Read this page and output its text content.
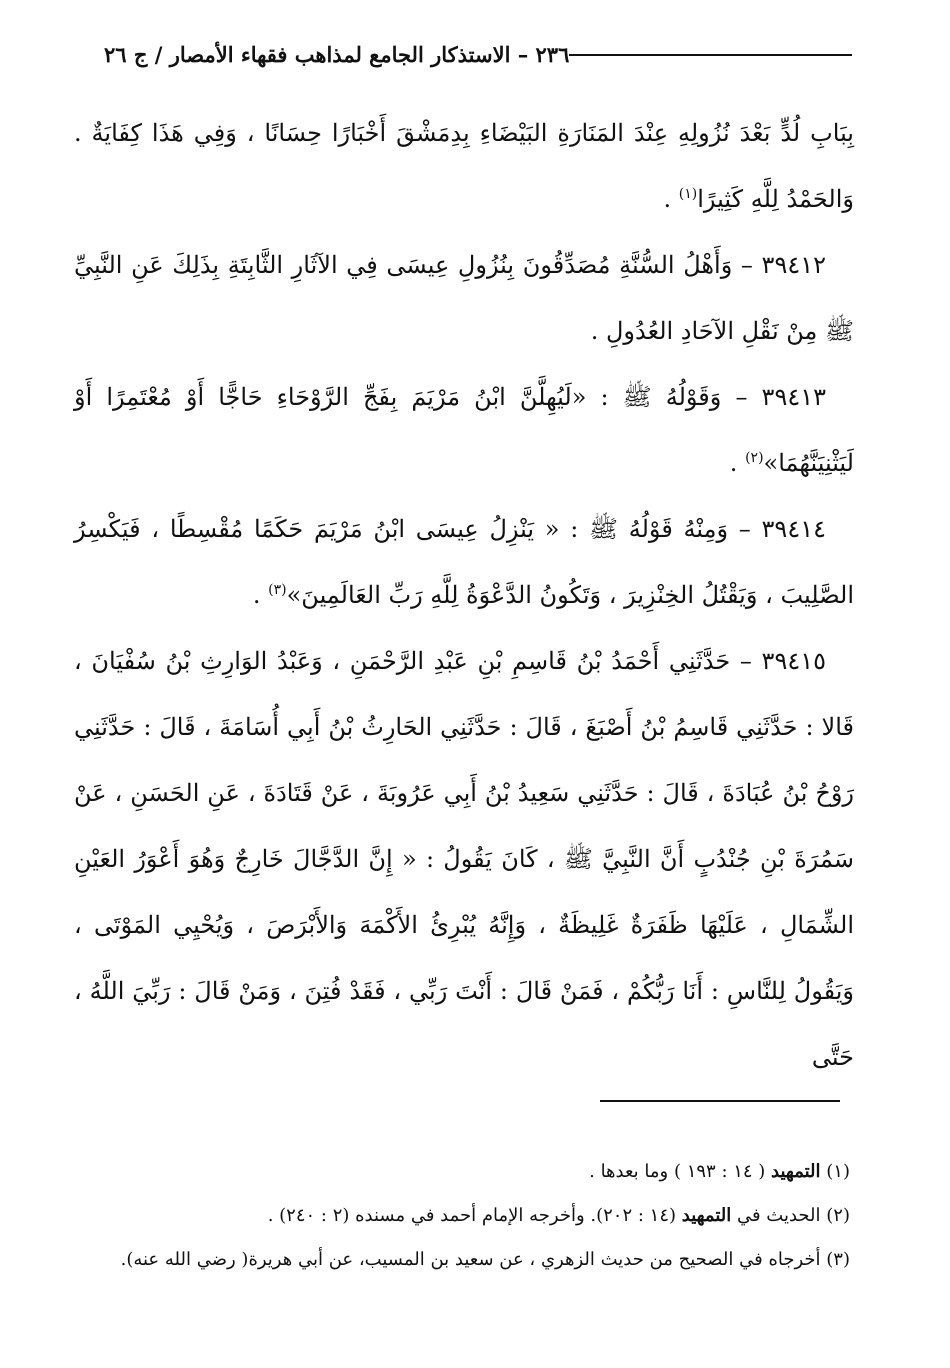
٢٣٦ – الاستذكار الجامع لمذاهب فقهاء الأمصار / ج ٢٦

بِبَابِ لُدٍّ بَعْدَ نُزُولِهِ عِنْدَ المَنَارَةِ البَيْضَاءِ بِدِمَشْقَ أَخْبَارًا حِسَانًا ، وَفِي هَذَا كِفَايَةٌ . وَالحَمْدُ لِلَّهِ كَثِيرًا$^{(١)}$ .

٣٩٤١٢ – وَأَهْلُ السُّنَّةِ مُصَدِّقُونَ بِنُزُولِ عِيسَى فِي الآثَارِ الثَّابِتَةِ بِذَلِكَ عَنِ النَّبِيِّ ﷺ مِنْ نَقْلِ الآحَادِ العُدُولِ .

٣٩٤١٣ – وَقَوْلُهُ ﷺ : «لَيُهِلَّنَّ ابْنُ مَرْيَمَ بِفَجِّ الرَّوْحَاءِ حَاجًّا أَوْ مُعْتَمِرًا أَوْ لَيَثْنِيَنَّهُمَا»$^{(٢)}$ .

٣٩٤١٤ – وَمِنْهُ قَوْلُهُ ﷺ : « يَنْزِلُ عِيسَى ابْنُ مَرْيَمَ حَكَمًا مُقْسِطًا ، فَيَكْسِرُ الصَّلِيبَ ، وَيَقْتُلُ الخِنْزِيرَ ، وَتَكُونُ الدَّعْوَةُ لِلَّهِ رَبِّ العَالَمِينَ»$^{(٣)}$ .

٣٩٤١٥ – حَدَّثَنِي أَحْمَدُ بْنُ قَاسِمِ بْنِ عَبْدِ الرَّحْمَنِ ، وَعَبْدُ الوَارِثِ بْنُ سُفْيَانَ ، قَالا : حَدَّثَنِي قَاسِمُ بْنُ أَصْبَغَ ، قَالَ : حَدَّثَنِي الحَارِثُ بْنُ أَبِي أُسَامَةَ ، قَالَ : حَدَّثَنِي رَوْحُ بْنُ عُبَادَةَ ، قَالَ : حَدَّثَنِي سَعِيدُ بْنُ أَبِي عَرُوبَةَ ، عَنْ قَتَادَةَ ، عَنِ الحَسَنِ ، عَنْ سَمُرَةَ بْنِ جُنْدُبٍ أَنَّ النَّبِيَّ ﷺ ، كَانَ يَقُولُ : « إِنَّ الدَّجَّالَ خَارِجٌ وَهُوَ أَعْوَرُ العَيْنِ الشِّمَالِ ، عَلَيْهَا ظَفَرَةٌ غَلِيظَةٌ ، وَإِنَّهُ يُبْرِئُ الأَكْمَهَ وَالأَبْرَصَ ، وَيُحْيِي المَوْتَى ، وَيَقُولُ لِلنَّاسِ : أَنَا رَبُّكُمْ ، فَمَنْ قَالَ : أَنْتَ رَبِّي ، فَقَدْ فُتِنَ ، وَمَنْ قَالَ : رَبِّيَ اللَّهُ ، حَتَّى

(١) التمهيد ( ١٤ : ١٩٣ ) وما بعدها .

(٢) الحديث في التمهيد (١٤ : ٢٠٢). وأخرجه الإمام أحمد في مسنده (٢ : ٢٤٠) .

(٣) أخرجاه في الصحيح من حديث الزهري ، عن سعيد بن المسيب، عن أبي هريرة( رضي الله عنه).
